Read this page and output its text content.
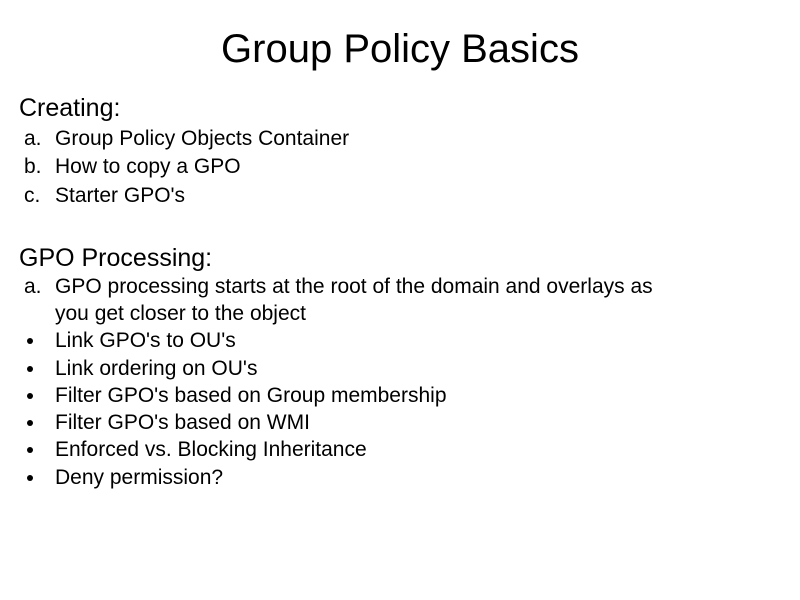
Group Policy Basics
Creating:
a. Group Policy Objects Container
b. How to copy a GPO
c. Starter GPO's
GPO Processing:
a. GPO processing starts at the root of the domain and overlays as
you get closer to the object
Link GPO's to OU's
Link ordering on OU's
Filter GPO's based on Group membership
Filter GPO's based on WMI
Enforced vs. Blocking Inheritance
Deny permission?
